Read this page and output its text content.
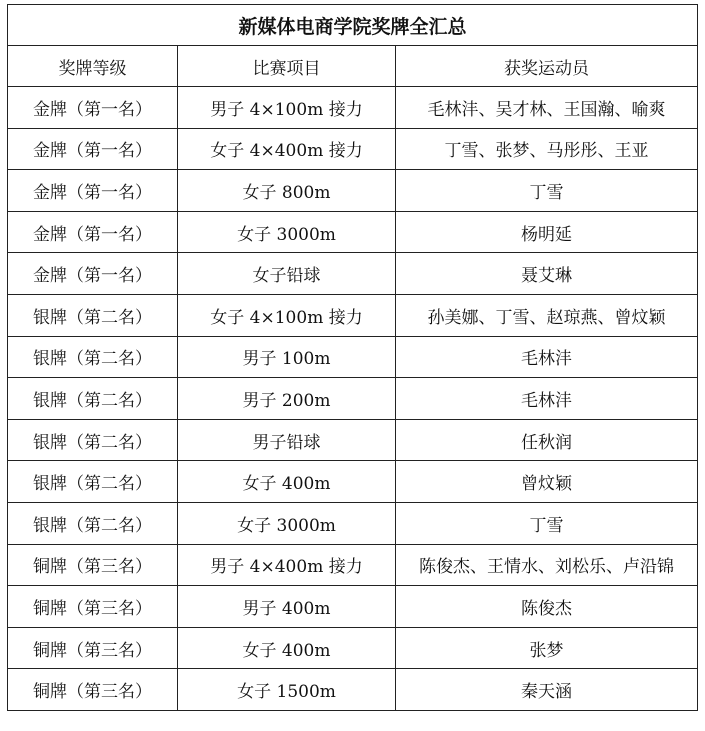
新媒体电商学院奖牌全汇总		
奖牌等级	比赛项目	获奖运动员
金牌（第一名）	男子 4×100m 接力	毛林沣、吴才林、王国瀚、喻爽
金牌（第一名）	女子 4×400m 接力	丁雪、张梦、马彤彤、王亚
金牌（第一名）	女子 800m	丁雪
金牌（第一名）	女子 3000m	杨明延
金牌（第一名）	女子铅球	聂艾琳
银牌（第二名）	女子 4×100m 接力	孙美娜、丁雪、赵琼燕、曾炆颖
银牌（第二名）	男子 100m	毛林沣
银牌（第二名）	男子 200m	毛林沣
银牌（第二名）	男子铅球	任秋润
银牌（第二名）	女子 400m	曾炆颖
银牌（第二名）	女子 3000m	丁雪
铜牌（第三名）	男子 4×400m 接力	陈俊杰、王情水、刘松乐、卢沿锦
铜牌（第三名）	男子 400m	陈俊杰
铜牌（第三名）	女子 400m	张梦
铜牌（第三名）	女子 1500m	秦天涵
